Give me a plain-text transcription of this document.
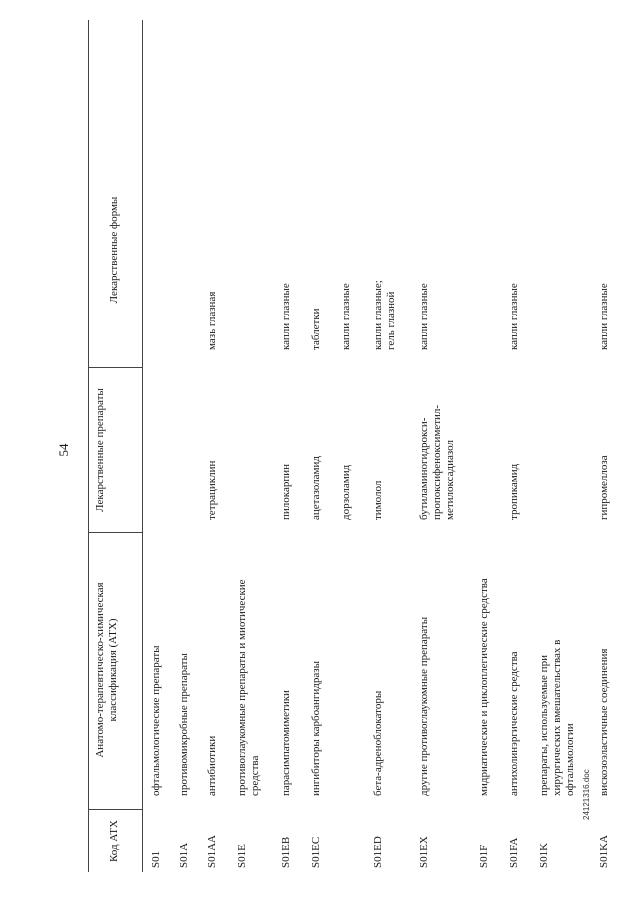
54
Код АТХ
Анатомо-терапевтическо-химическая классификация (АТХ)
Лекарственные препараты
Лекарственные формы
S01
офтальмологические препараты
S01A
противомикробные препараты
S01AA
антибиотики
тетрациклин
мазь глазная
S01E
противоглаукомные препараты и миотические средства
S01EB
парасимпатомиметики
пилокарпин
капли глазные
S01EC
ингибиторы карбоангидразы
ацетазоламид
таблетки
дорзоламид
капли глазные
S01ED
бета-адреноблокаторы
тимолол
капли глазные; гель глазной
S01EX
другие противоглаукомные препараты
бутиламиногидрокси-пропоксифеноксиметил-метилоксадиазол
капли глазные
S01F
мидриатические и циклоплегические средства
S01FA
антихолинэргические средства
тропикамид
капли глазные
S01K
препараты, используемые при хирургических вмешательствах в офтальмологии
S01KA
вискозоэластичные соединения
гипромеллоза
капли глазные
24121316.doc
